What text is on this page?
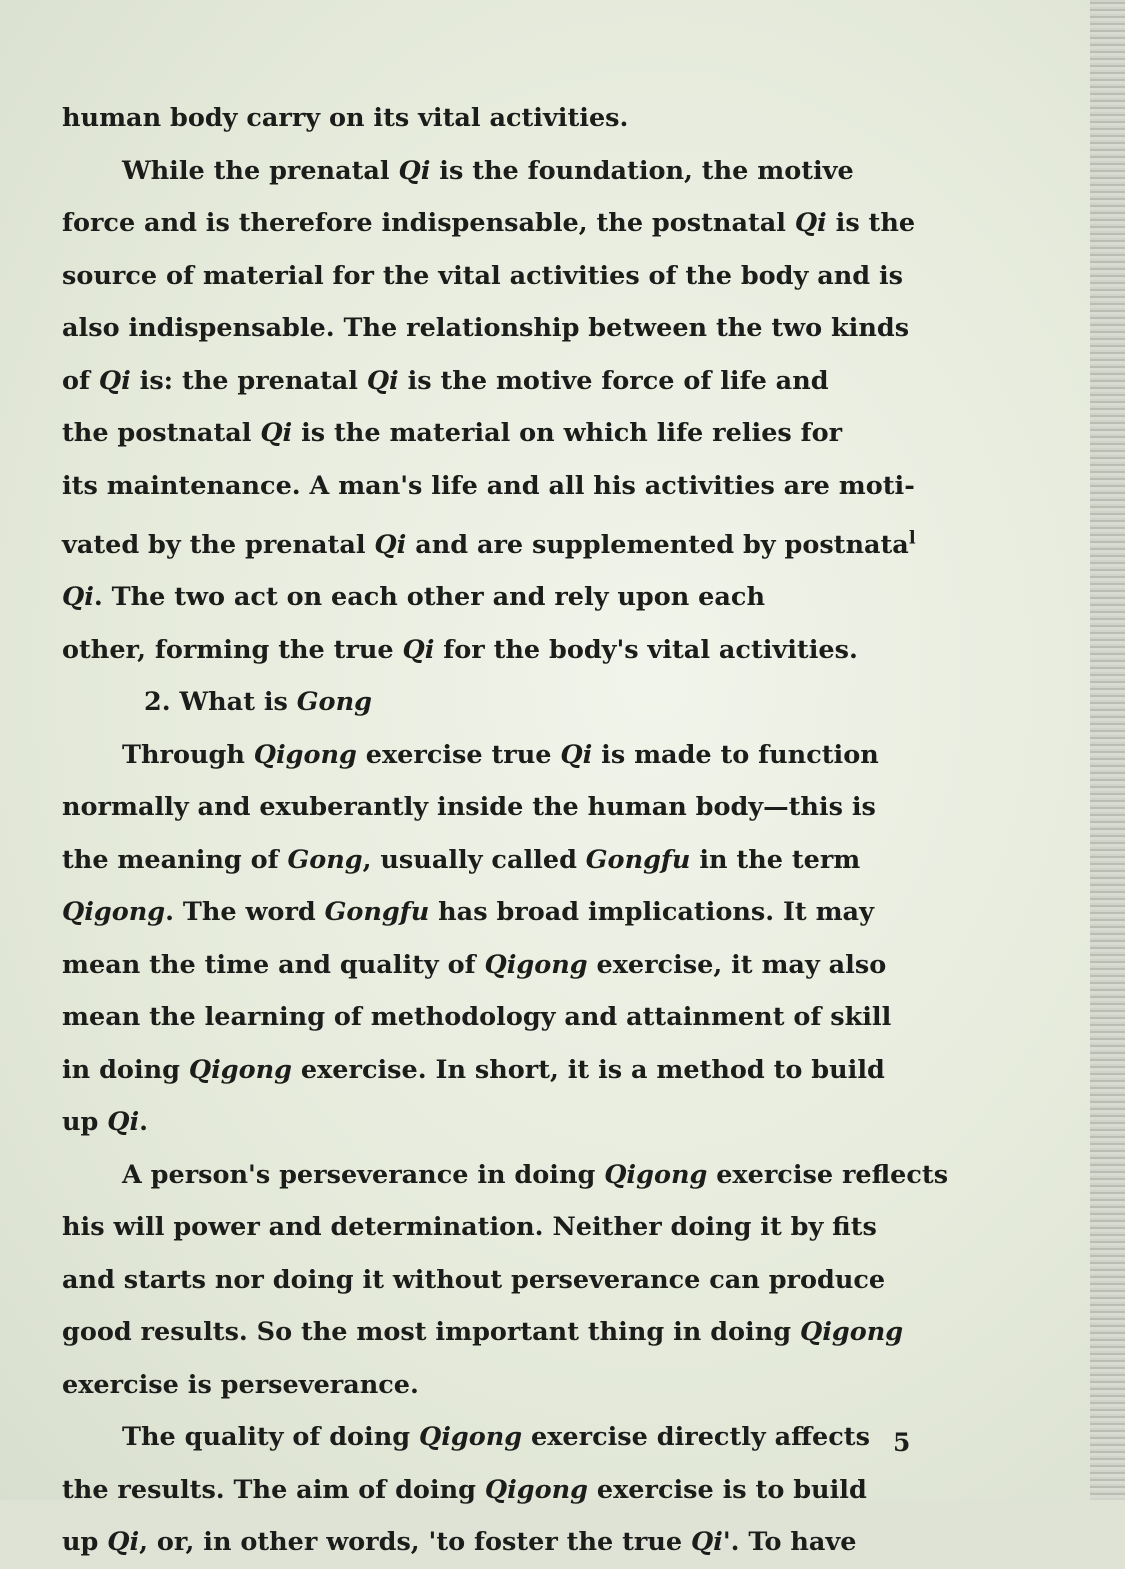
human body carry on its vital activities.

While the prenatal Qi is the foundation, the motive
force and is therefore indispensable, the postnatal Qi is the
source of material for the vital activities of the body and is
also indispensable. The relationship between the two kinds
of Qi is: the prenatal Qi is the motive force of life and
the postnatal Qi is the material on which life relies for
its maintenance. A man's life and all his activities are moti-
vated by the prenatal Qi and are supplemented by postnata$^l$
Qi. The two act on each other and rely upon each
other, forming the true Qi for the body's vital activities.

2. What is Gong

Through Qigong exercise true Qi is made to function
normally and exuberantly inside the human body—this is
the meaning of Gong, usually called Gongfu in the term
Qigong. The word Gongfu has broad implications. It may
mean the time and quality of Qigong exercise, it may also
mean the learning of methodology and attainment of skill
in doing Qigong exercise. In short, it is a method to build
up Qi.

A person's perseverance in doing Qigong exercise reflects
his will power and determination. Neither doing it by fits
and starts nor doing it without perseverance can produce
good results. So the most important thing in doing Qigong
exercise is perseverance.

The quality of doing Qigong exercise directly affects
the results. The aim of doing Qigong exercise is to build
up Qi, or, in other words, 'to foster the true Qi'. To have

5
